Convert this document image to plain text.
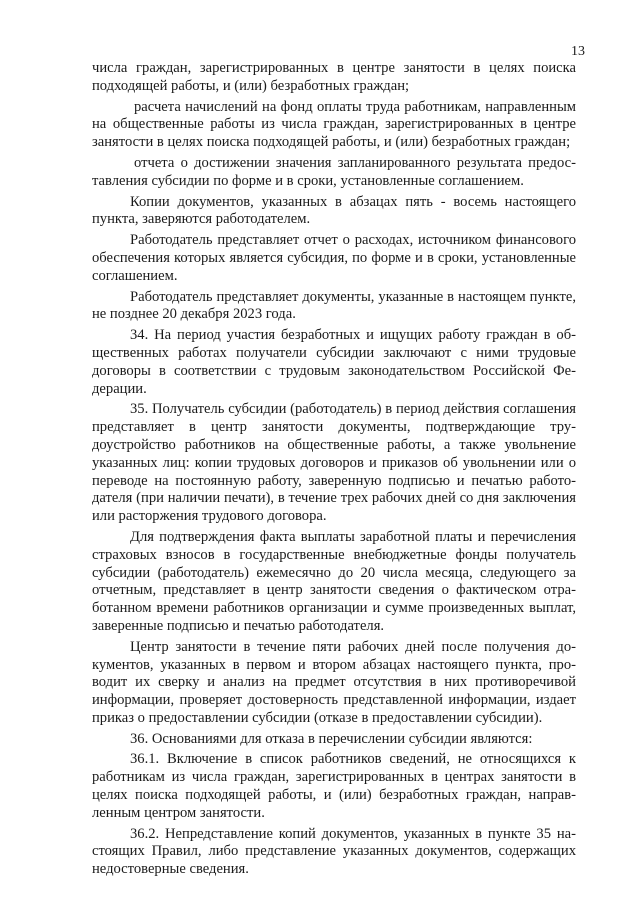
13

числа граждан, зарегистрированных в центре занятости в целях поиска подходящей работы, и (или) безработных граждан;

расчета начислений на фонд оплаты труда работникам, направленным на общественные работы из числа граждан, зарегистрированных в центре занятости в целях поиска подходящей работы, и (или) безработных граждан;

отчета о достижении значения запланированного результата предоставления субсидии по форме и в сроки, установленные соглашением.

Копии документов, указанных в абзацах пять - восемь настоящего пункта, заверяются работодателем.

Работодатель представляет отчет о расходах, источником финансового обеспечения которых является субсидия, по форме и в сроки, установленные соглашением.

Работодатель представляет документы, указанные в настоящем пункте, не позднее 20 декабря 2023 года.

34. На период участия безработных и ищущих работу граждан в общественных работах получатели субсидии заключают с ними трудовые договоры в соответствии с трудовым законодательством Российской Федерации.

35. Получатель субсидии (работодатель) в период действия соглашения представляет в центр занятости документы, подтверждающие трудоустройство работников на общественные работы, а также увольнение указанных лиц: копии трудовых договоров и приказов об увольнении или о переводе на постоянную работу, заверенную подписью и печатью работодателя (при наличии печати), в течение трех рабочих дней со дня заключения или расторжения трудового договора.

Для подтверждения факта выплаты заработной платы и перечисления страховых взносов в государственные внебюджетные фонды получатель субсидии (работодатель) ежемесячно до 20 числа месяца, следующего за отчетным, представляет в центр занятости сведения о фактическом отработанном времени работников организации и сумме произведенных выплат, заверенные подписью и печатью работодателя.

Центр занятости в течение пяти рабочих дней после получения документов, указанных в первом и втором абзацах настоящего пункта, проводит их сверку и анализ на предмет отсутствия в них противоречивой информации, проверяет достоверность представленной информации, издает приказ о предоставлении субсидии (отказе в предоставлении субсидии).

36. Основаниями для отказа в перечислении субсидии являются:

36.1. Включение в список работников сведений, не относящихся к работникам из числа граждан, зарегистрированных в центрах занятости в целях поиска подходящей работы, и (или) безработных граждан, направленным центром занятости.

36.2. Непредставление копий документов, указанных в пункте 35 настоящих Правил, либо представление указанных документов, содержащих недостоверные сведения.
